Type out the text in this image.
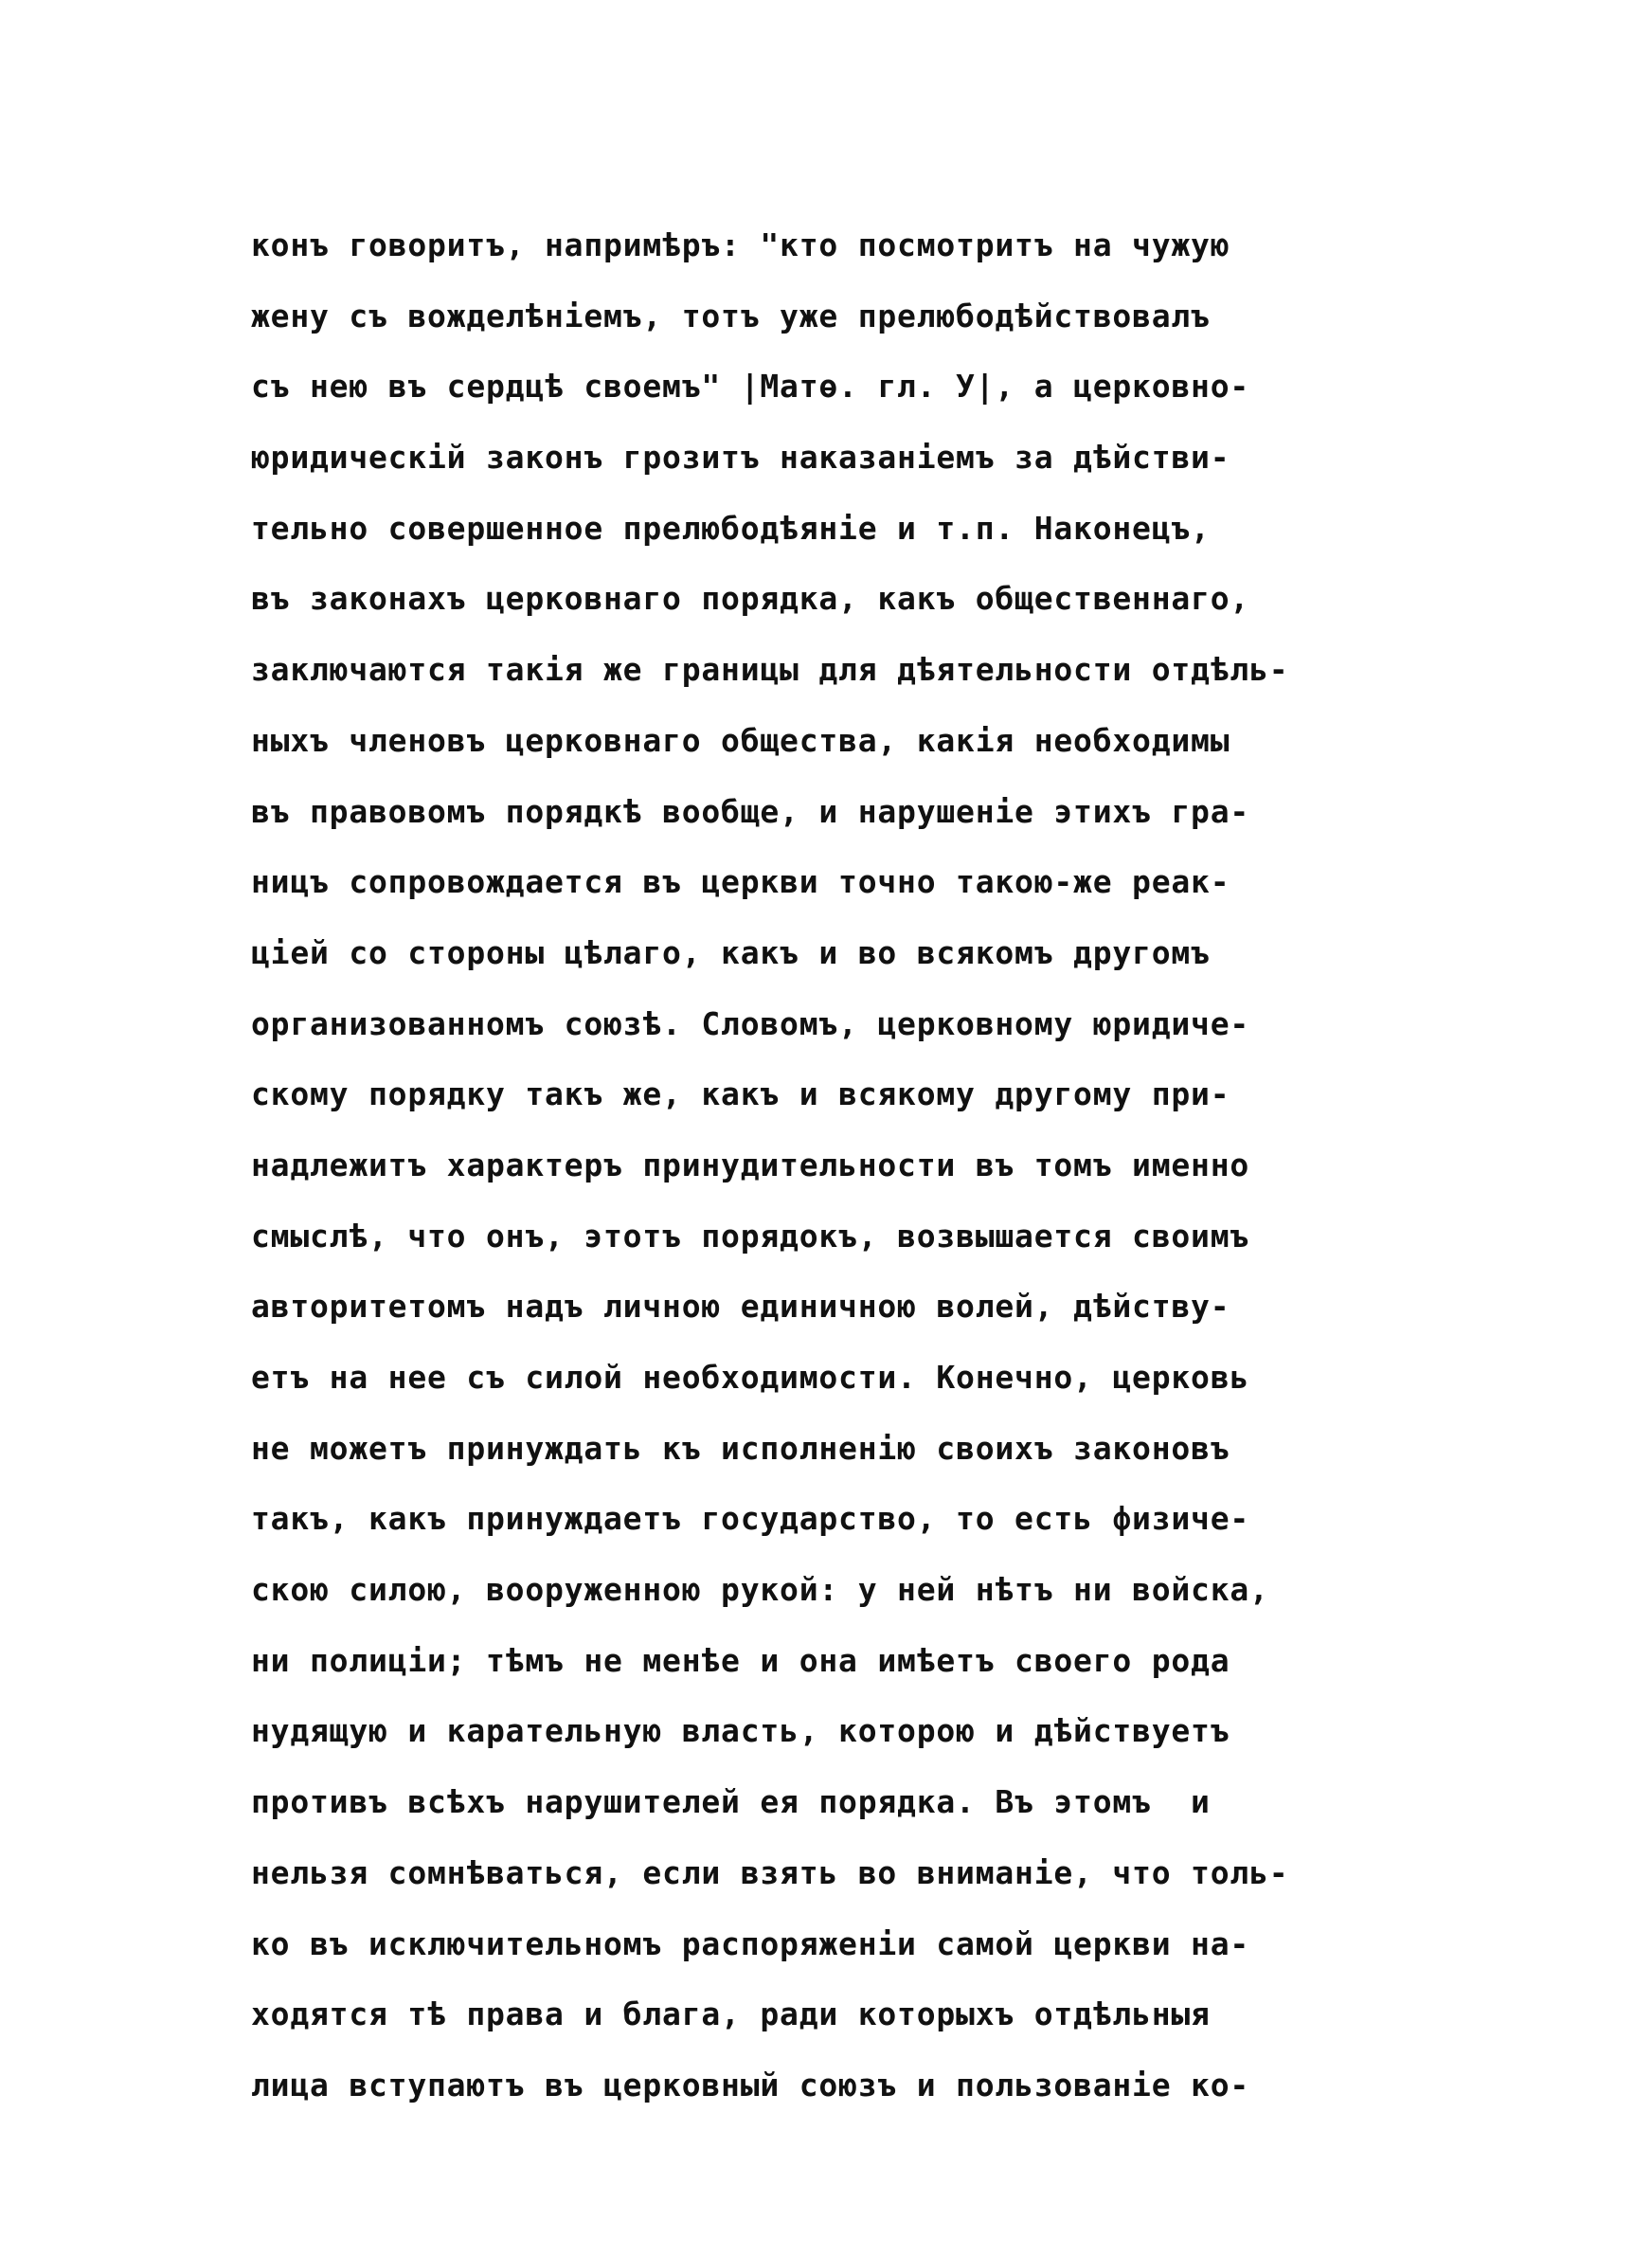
конъ говоритъ, напримѣръ: "кто посмотритъ на чужую
жену съ вожделѣніемъ, тотъ уже прелюбодѣйствовалъ
съ нею въ сердцѣ своемъ" |Матѳ. гл. У|, а церковно-
юридическій законъ грозитъ наказаніемъ за дѣйстви-
тельно совершенное прелюбодѣяніе и т.п. Наконецъ,
въ законахъ церковнаго порядка, какъ общественнаго,
заключаются такія же границы для дѣятельности отдѣль-
ныхъ членовъ церковнаго общества, какія необходимы
въ правовомъ порядкѣ вообще, и нарушеніе этихъ гра-
ницъ сопровождается въ церкви точно такою-же реак-
ціей со стороны цѣлаго, какъ и во всякомъ другомъ
организованномъ союзѣ. Словомъ, церковному юридиче-
скому порядку такъ же, какъ и всякому другому при-
надлежитъ характеръ принудительности въ томъ именно
смыслѣ, что онъ, этотъ порядокъ, возвышается своимъ
авторитетомъ надъ личною единичною волей, дѣйству-
етъ на нее съ силой необходимости. Конечно, церковь
не можетъ принуждать къ исполненію своихъ законовъ
такъ, какъ принуждаетъ государство, то есть физиче-
скою силою, вооруженною рукой: у ней нѣтъ ни войска,
ни полиціи; тѣмъ не менѣе и она имѣетъ своего рода
нудящую и карательную власть, которою и дѣйствуетъ
противъ всѣхъ нарушителей ея порядка. Въ этомъ  и
нельзя сомнѣваться, если взять во вниманіе, что толь-
ко въ исключительномъ распоряженіи самой церкви на-
ходятся тѣ права и блага, ради которыхъ отдѣльныя
лица вступаютъ въ церковный союзъ и пользованіе ко-
